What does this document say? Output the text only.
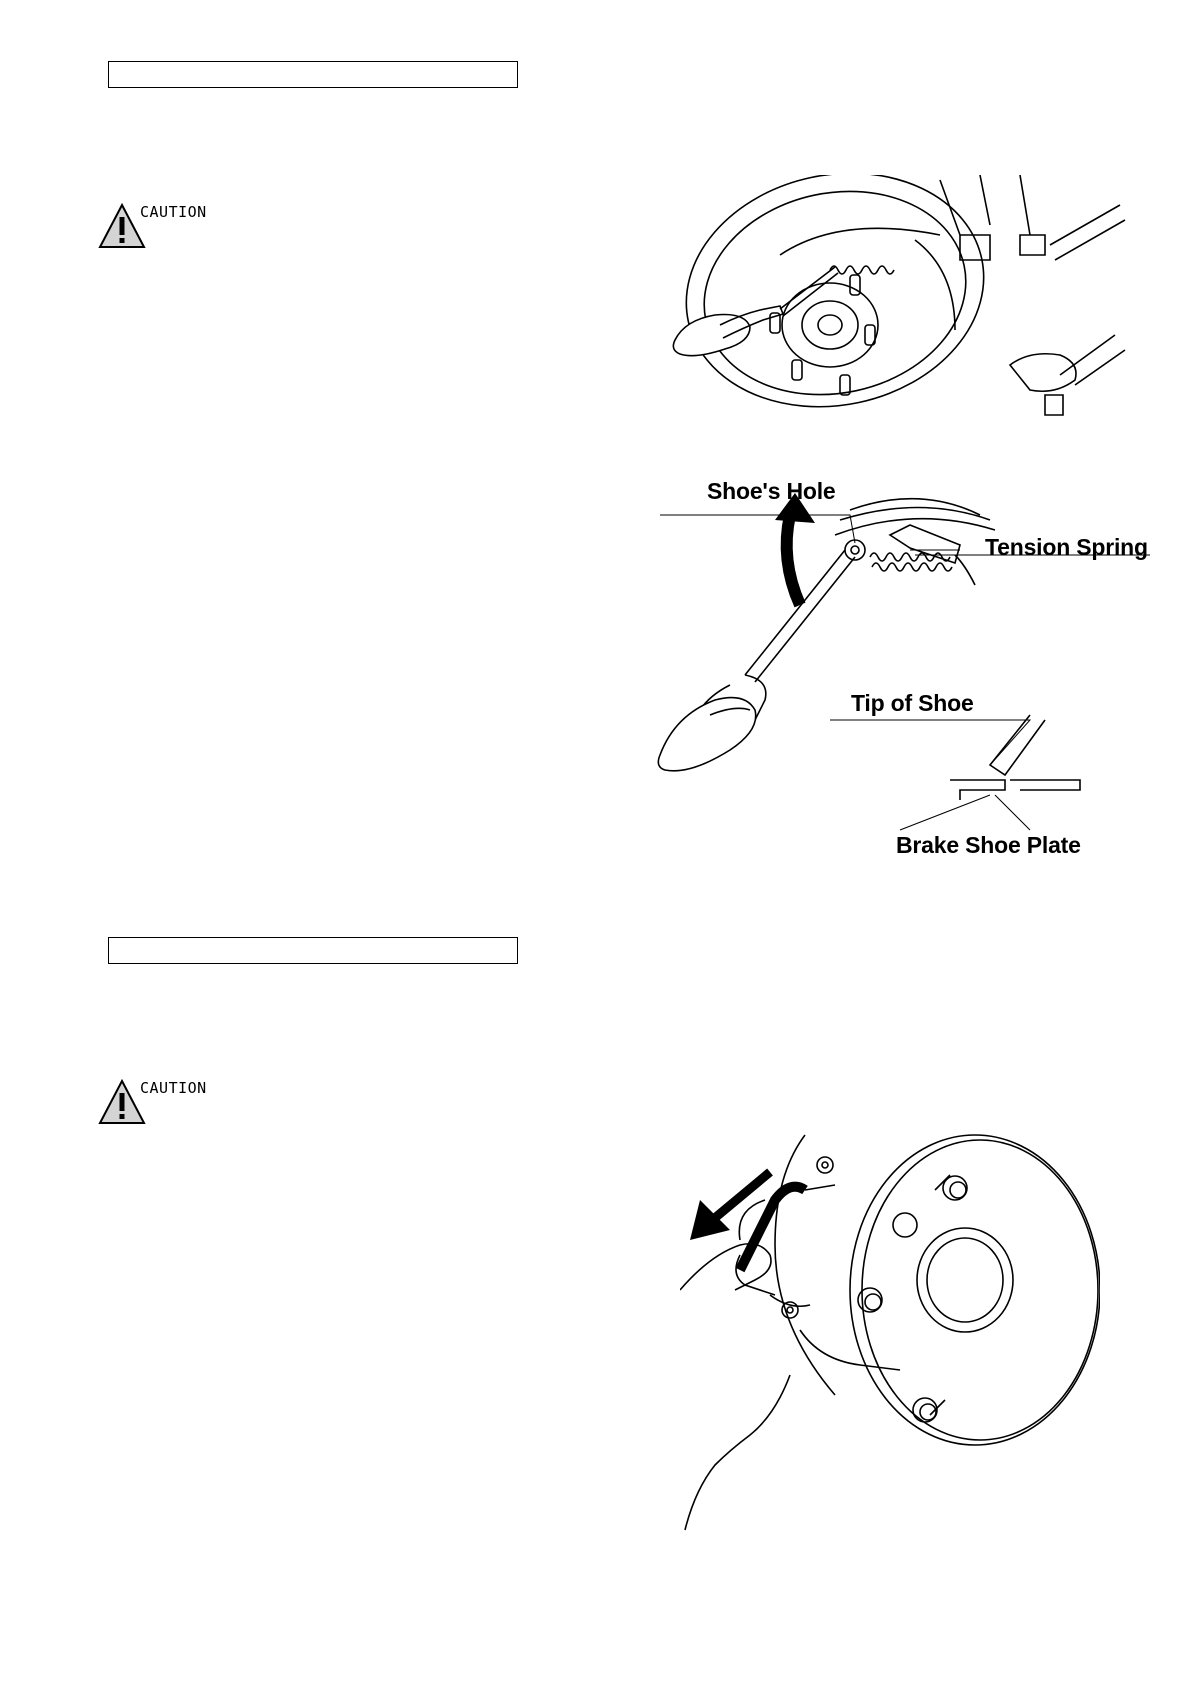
CAUTION
Shoe's Hole
Tension Spring
Tip of Shoe
Brake Shoe Plate
CAUTION
